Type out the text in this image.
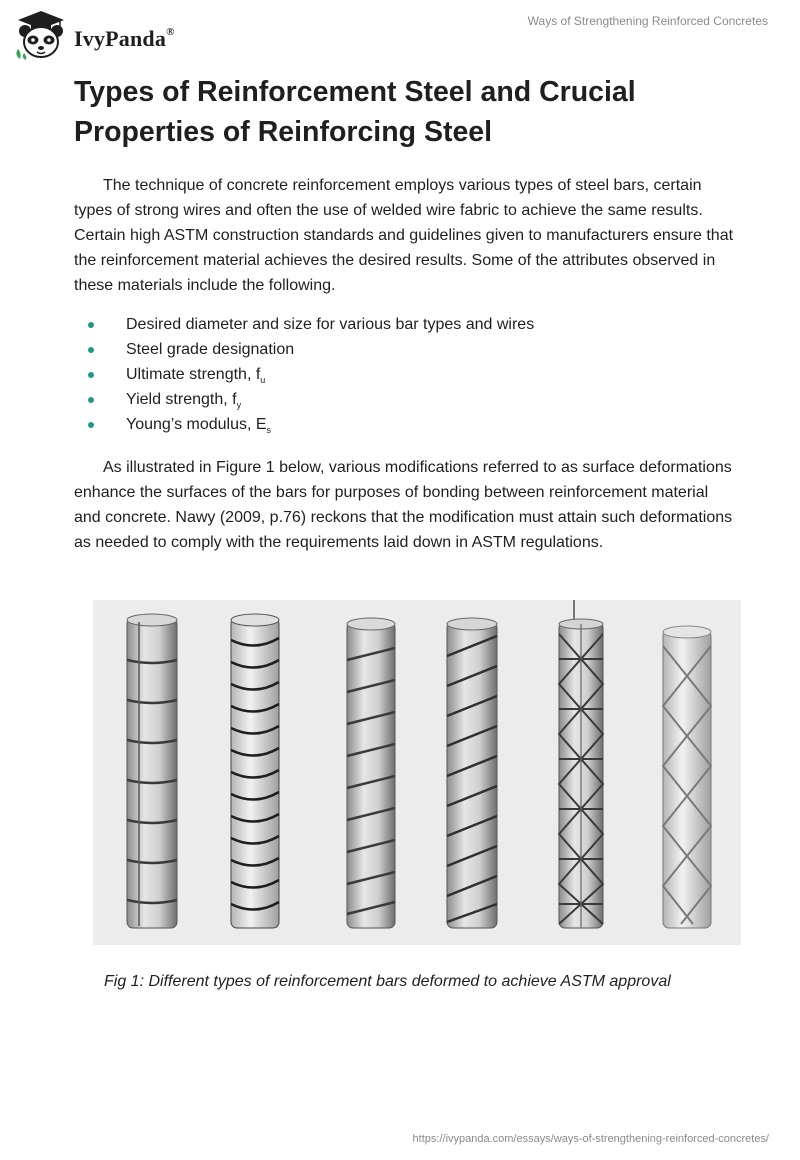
IvyPanda®
Ways of Strengthening Reinforced Concretes
Types of Reinforcement Steel and Crucial Properties of Reinforcing Steel

The technique of concrete reinforcement employs various types of steel bars, certain types of strong wires and often the use of welded wire fabric to achieve the same results. Certain high ASTM construction standards and guidelines given to manufacturers ensure that the reinforcement material achieves the desired results. Some of the attributes observed in these materials include the following.

Desired diameter and size for various bar types and wires
Steel grade designation
Ultimate strength, $f_u$
Yield strength, $f_y$
Young’s modulus, $E_s$

As illustrated in Figure 1 below, various modifications referred to as surface deformations enhance the surfaces of the bars for purposes of bonding between reinforcement material and concrete. Nawy (2009, p.76) reckons that the modification must attain such deformations as needed to comply with the requirements laid down in ASTM regulations.

Fig 1: Different types of reinforcement bars deformed to achieve ASTM approval
https://ivypanda.com/essays/ways-of-strengthening-reinforced-concretes/
